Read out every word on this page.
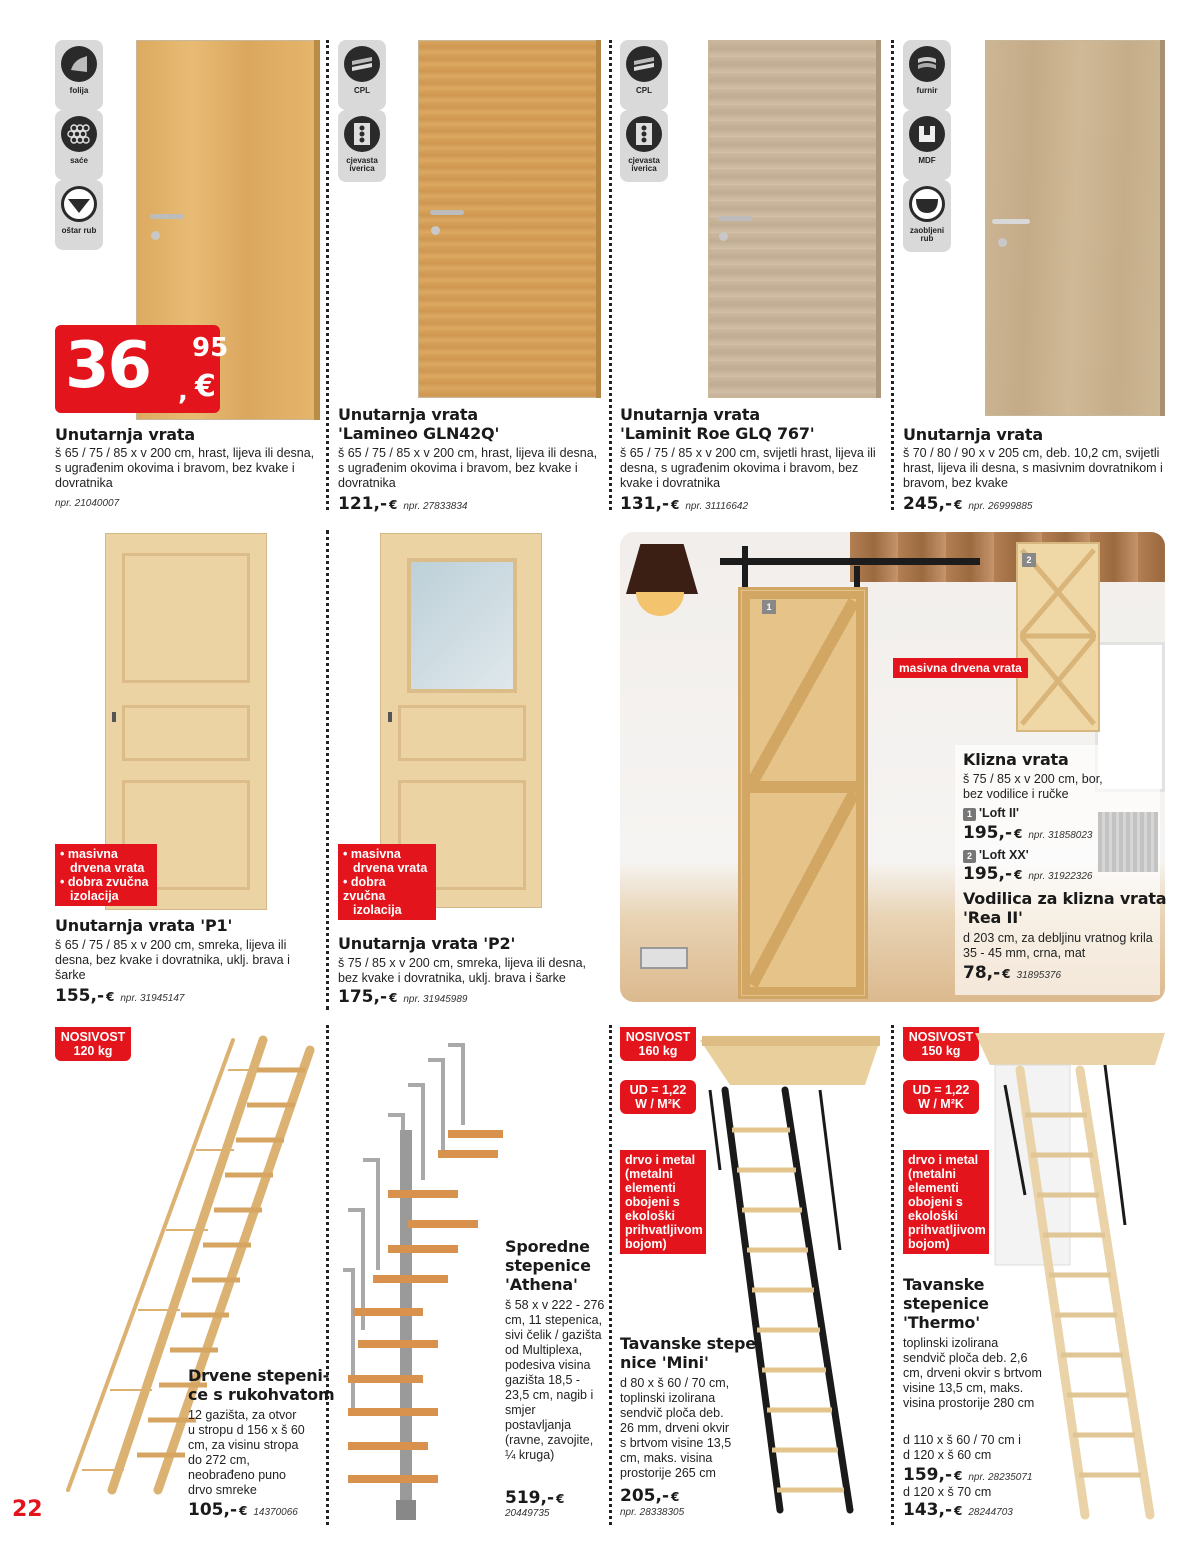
folija
saće
oštar rub
36 95
, €
Unutarnja vrata
š 65 / 75 / 85 x v 200 cm, hrast, lijeva ili desna, s ugrađenim okovima i bravom, bez kvake i dovratnika
npr. 21040007
CPL
cjevasta iverica
Unutarnja vrata
'Lamineo GLN42Q'
š 65 / 75 / 85 x v 200 cm, hrast, lijeva ili desna, s ugrađenim okovima i bravom, bez kvake i dovratnika
121,- € npr. 27833834
CPL
cjevasta iverica
Unutarnja vrata
'Laminit Roe GLQ 767'
š 65 / 75 / 85 x v 200 cm, svijetli hrast, lijeva ili desna, s ugrađenim okovima i bravom, bez kvake i dovratnika
131,- € npr. 31116642
furnir
MDF
zaobljeni rub
Unutarnja vrata
š 70 / 80 / 90 x v 205 cm, deb. 10,2 cm, svijetli hrast, lijeva ili desna, s masivnim dovratnikom i bravom, bez kvake
245,- € npr. 26999885
• masivna
drvena vrata
• dobra zvučna
izolacija
Unutarnja vrata 'P1'
š 65 / 75 / 85 x v 200 cm, smreka, lijeva ili desna, bez kvake i dovratnika, uklj. brava i šarke
155,- € npr. 31945147
• masivna
drvena vrata
• dobra zvučna
izolacija
Unutarnja vrata 'P2'
š 75 / 85 x v 200 cm, smreka, lijeva ili desna, bez kvake i dovratnika, uklj. brava i šarke
175,- € npr. 31945989
1
2
masivna drvena vrata
Klizna vrata
š 75 / 85 x v 200 cm, bor, bez vodilice i ručke
1 'Loft II'
195,- € npr. 31858023
2 'Loft XX'
195,- € npr. 31922326
Vodilica za klizna vrata
'Rea II'
d 203 cm, za debljinu vratnog krila 35 - 45 mm, crna, mat
78,- € 31895376
NOSIVOST
120 kg
Drvene stepeni-
ce s rukohvatom
12 gazišta, za otvor u stropu d 156 x š 60 cm, za visinu stropa do 272 cm, neobrađeno puno drvo smreke
105,- € 14370066
Sporedne
stepenice
'Athena'
š 58 x v 222 - 276 cm, 11 stepenica, sivi čelik / gazišta od Multiplexa, podesiva visina gazišta 18,5 - 23,5 cm, nagib i smjer postavljanja (ravne, zavojite, ¼ kruga)
519,- €
20449735
NOSIVOST
160 kg
UD = 1,22
W / M²K
drvo i metal (metalni elementi obojeni s ekološki prihvatljivom bojom)
Tavanske stepe-
nice 'Mini'
d 80 x š 60 / 70 cm, toplinski izolirana sendvič ploča deb. 26 mm, drveni okvir s brtvom visine 13,5 cm, maks. visina prostorije 265 cm
205,- €
npr. 28338305
NOSIVOST
150 kg
UD = 1,22
W / M²K
drvo i metal (metalni elementi obojeni s ekološki prihvatljivom bojom)
Tavanske
stepenice
'Thermo'
toplinski izolirana sendvič ploča deb. 2,6 cm, drveni okvir s brtvom visine 13,5 cm, maks. visina prostorije 280 cm
d 110 x š 60 / 70 cm i d 120 x š 60 cm
159,- € npr. 28235071
d 120 x š 70 cm
143,- € 28244703
22
